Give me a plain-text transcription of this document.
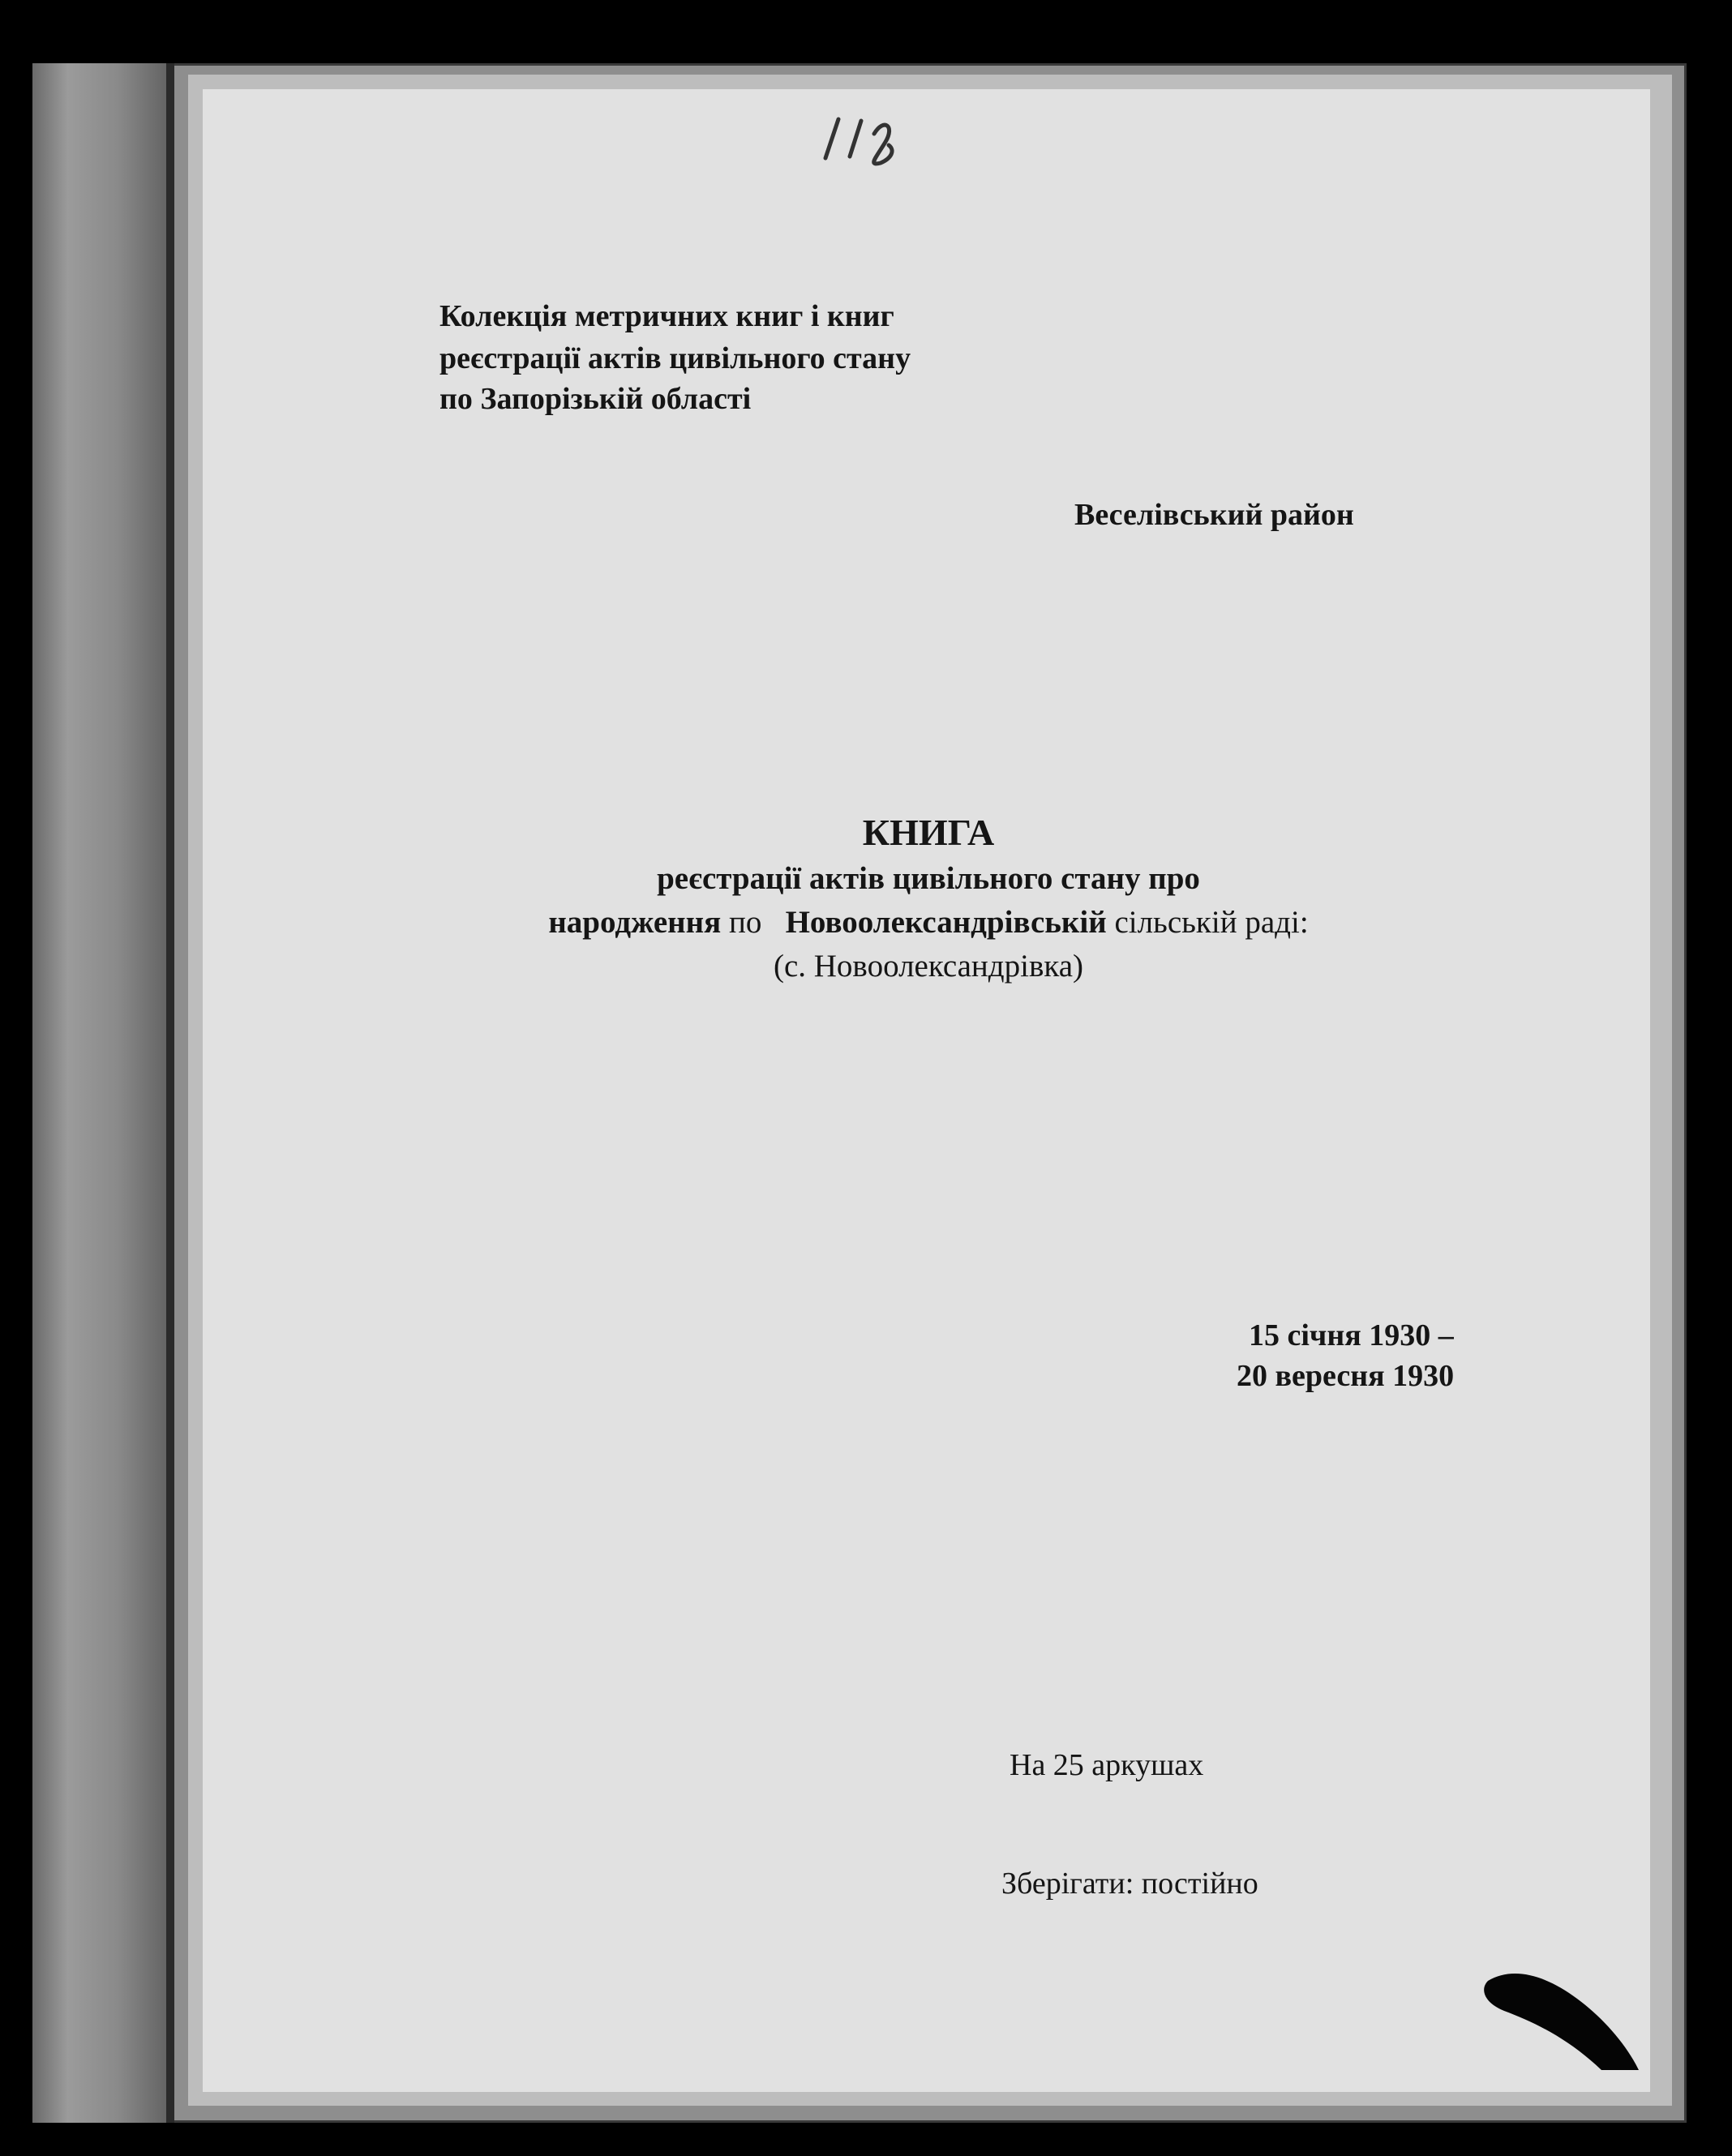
Колекція метричних книг і книг
реєстрації актів цивільного стану
по Запорізькій області
Веселівський район
КНИГА
реєстрації актів цивільного стану про
народження по Новоолександрівській сільській раді:
(с. Новоолександрівка)
15 січня 1930 –
20 вересня 1930
На 25 аркушах
Зберігати: постійно
